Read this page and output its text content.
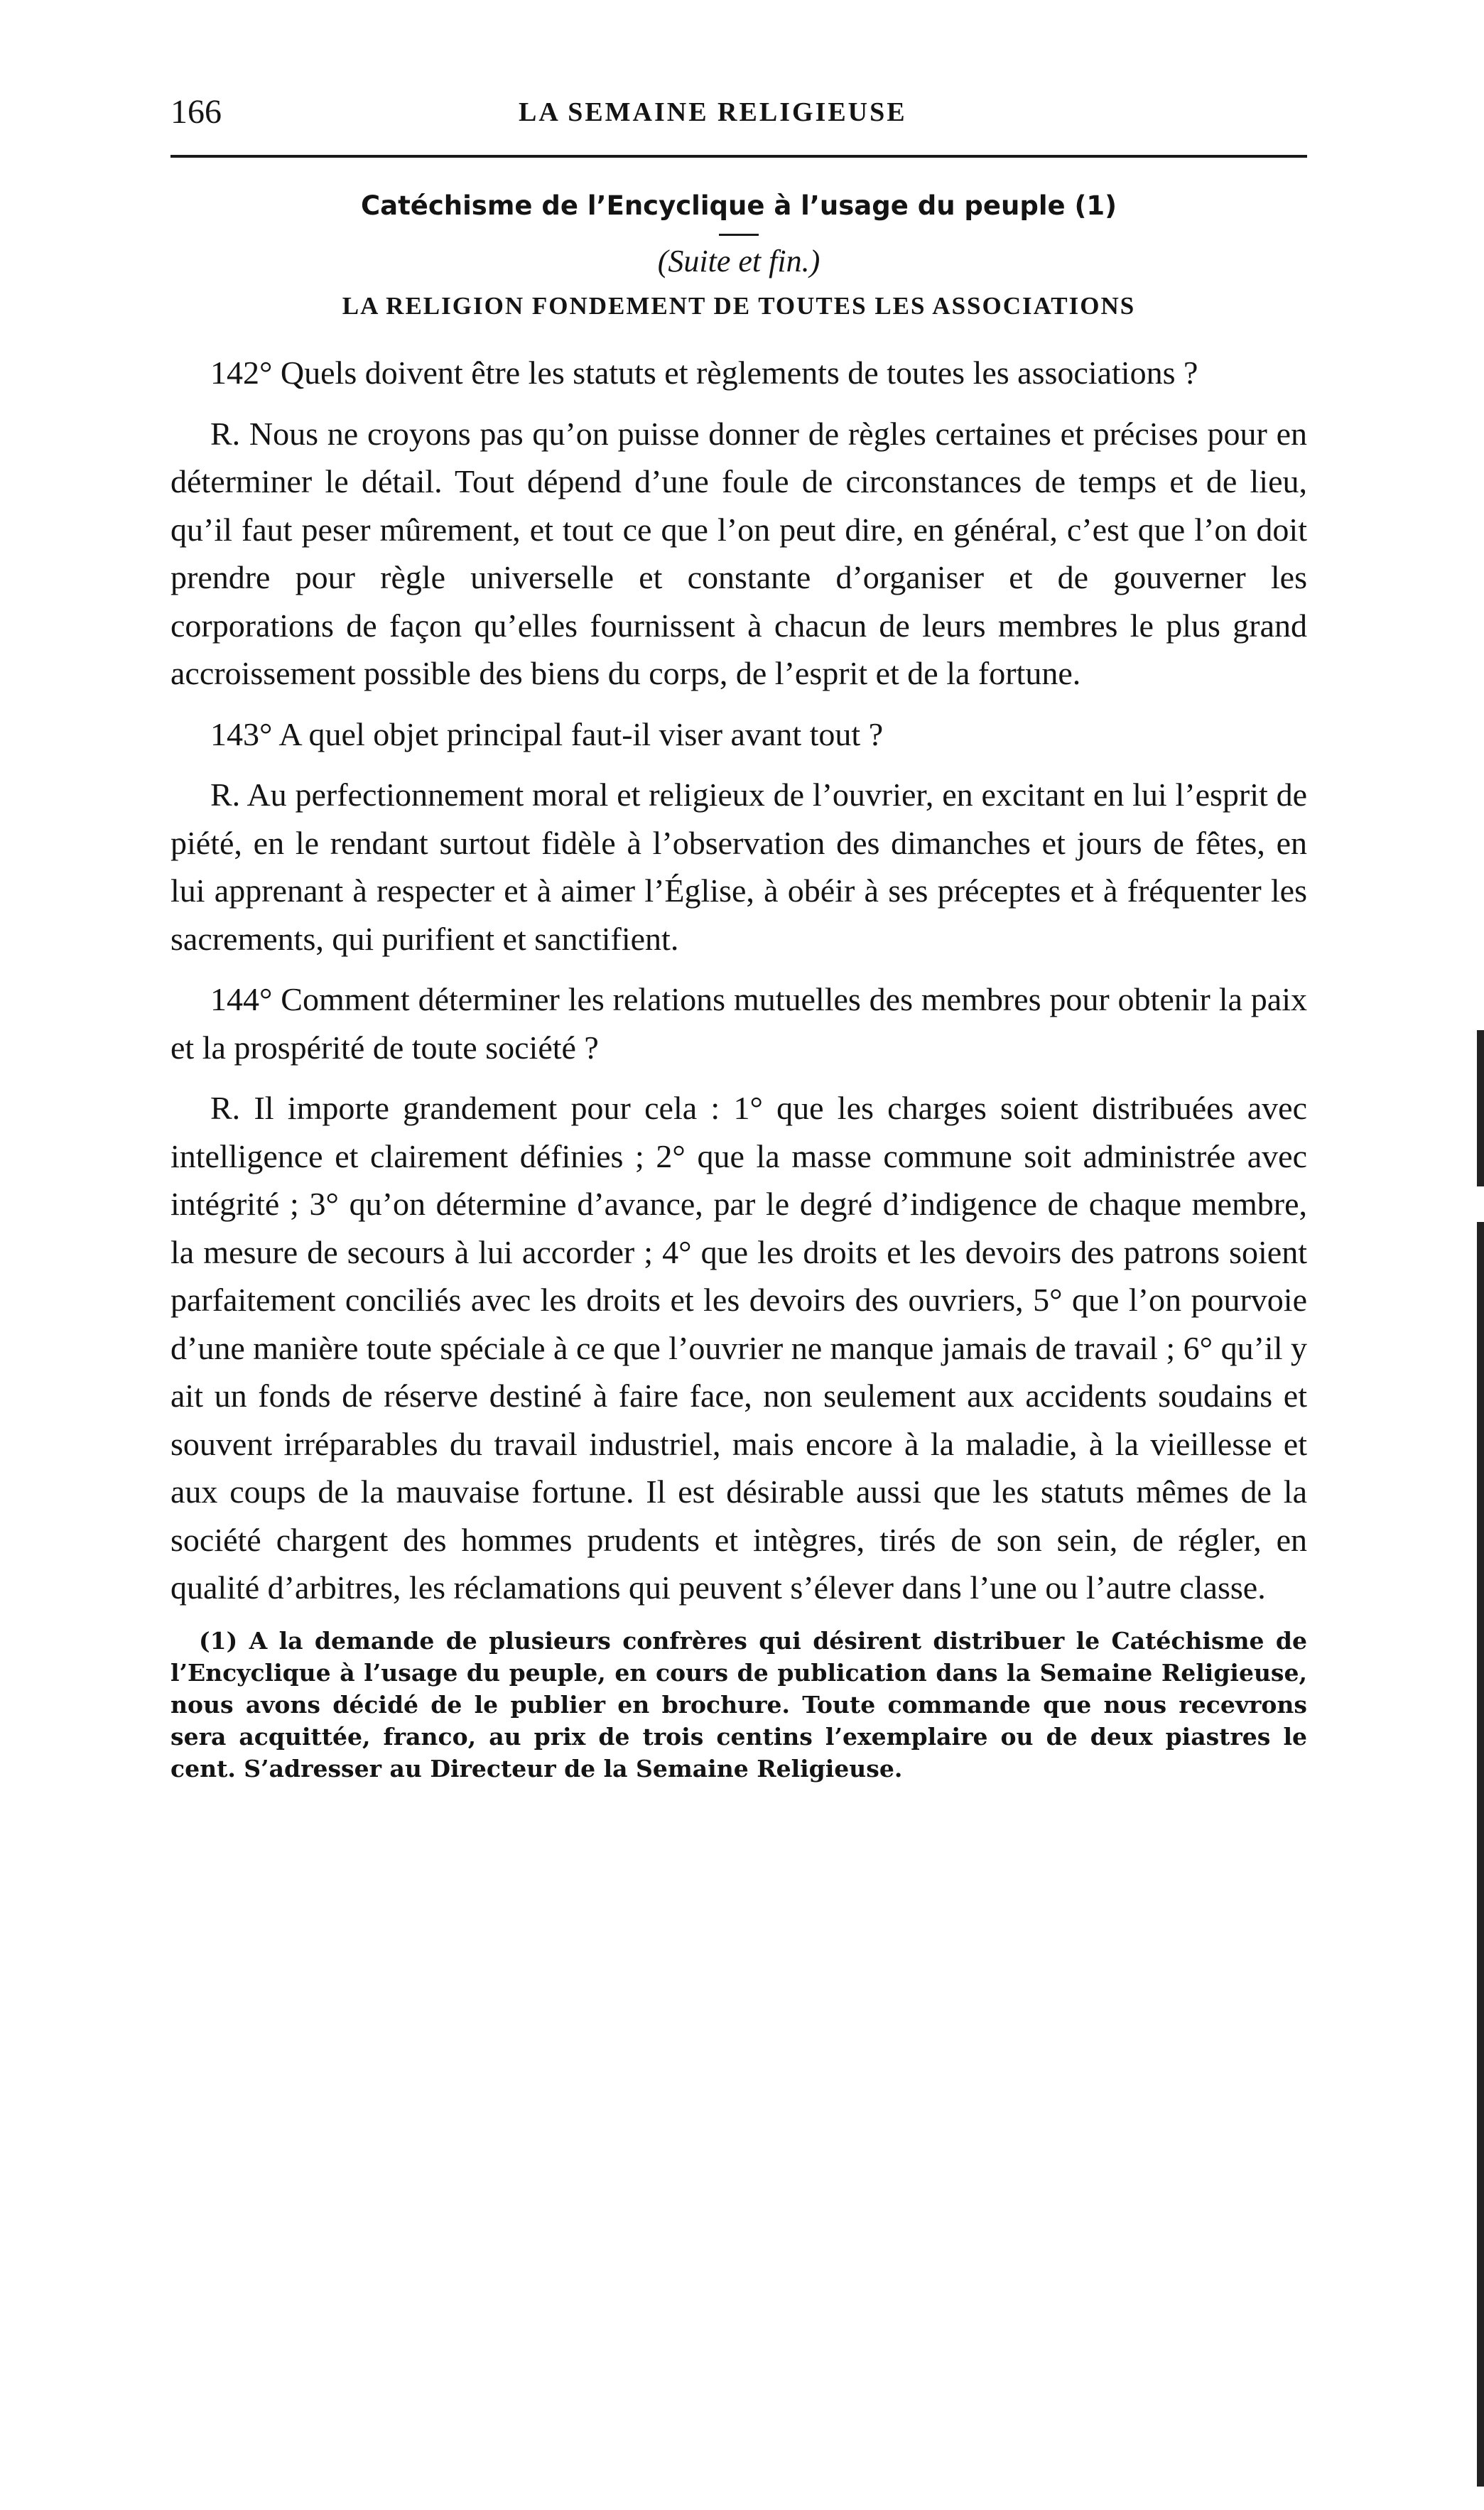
166	LA SEMAINE RELIGIEUSE
Catéchisme de l’Encyclique à l’usage du peuple (1)
(Suite et fin.)
LA RELIGION FONDEMENT DE TOUTES LES ASSOCIATIONS

142° Quels doivent être les statuts et règlements de toutes les associations ?

R. Nous ne croyons pas qu’on puisse donner de règles certaines et précises pour en déterminer le détail. Tout dépend d’une foule de circonstances de temps et de lieu, qu’il faut peser mûrement, et tout ce que l’on peut dire, en général, c’est que l’on doit prendre pour règle universelle et constante d’organiser et de gouverner les corporations de façon qu’elles fournissent à chacun de leurs membres le plus grand accroissement possible des biens du corps, de l’esprit et de la fortune.

143° A quel objet principal faut-il viser avant tout ?

R. Au perfectionnement moral et religieux de l’ouvrier, en excitant en lui l’esprit de piété, en le rendant surtout fidèle à l’observation des dimanches et jours de fêtes, en lui apprenant à respecter et à aimer l’Église, à obéir à ses préceptes et à fréquenter les sacrements, qui purifient et sanctifient.

144° Comment déterminer les relations mutuelles des membres pour obtenir la paix et la prospérité de toute société ?

R. Il importe grandement pour cela : 1° que les charges soient distribuées avec intelligence et clairement définies ; 2° que la masse commune soit administrée avec intégrité ; 3° qu’on détermine d’avance, par le degré d’indigence de chaque membre, la mesure de secours à lui accorder ; 4° que les droits et les devoirs des patrons soient parfaitement conciliés avec les droits et les devoirs des ouvriers, 5° que l’on pourvoie d’une manière toute spéciale à ce que l’ouvrier ne manque jamais de travail ; 6° qu’il y ait un fonds de réserve destiné à faire face, non seulement aux accidents soudains et souvent irréparables du travail industriel, mais encore à la maladie, à la vieillesse et aux coups de la mauvaise fortune. Il est désirable aussi que les statuts mêmes de la société chargent des hommes prudents et intègres, tirés de son sein, de régler, en qualité d’arbitres, les réclamations qui peuvent s’élever dans l’une ou l’autre classe.

(1) A la demande de plusieurs confrères qui désirent distribuer le Catéchisme de l’Encyclique à l’usage du peuple, en cours de publication dans la Semaine Religieuse, nous avons décidé de le publier en brochure. Toute commande que nous recevrons sera acquittée, franco, au prix de trois centins l’exemplaire ou de deux piastres le cent. S’adresser au Directeur de la Semaine Religieuse.
